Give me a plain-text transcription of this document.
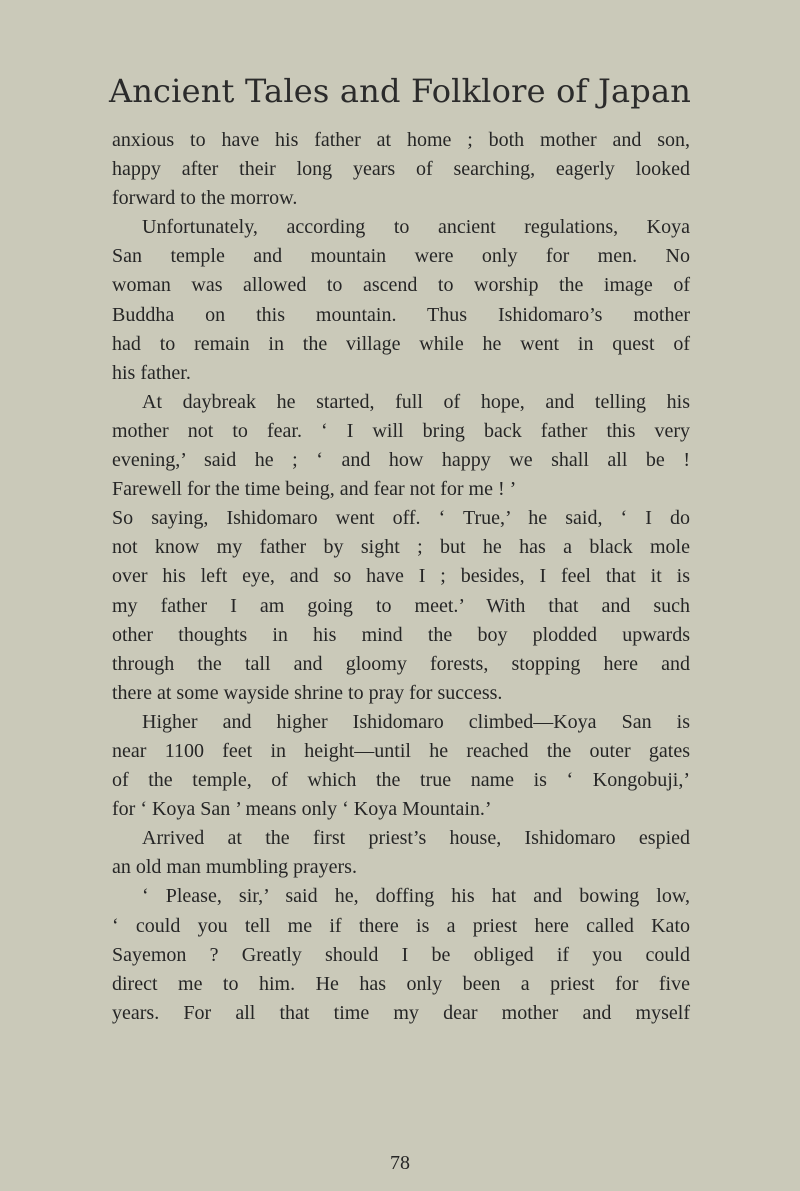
Ancient Tales and Folklore of Japan
anxious to have his father at home ; both mother and son,
happy after their long years of searching, eagerly looked
forward to the morrow.
Unfortunately, according to ancient regulations, Koya
San temple and mountain were only for men. No
woman was allowed to ascend to worship the image of
Buddha on this mountain. Thus Ishidomaro’s mother
had to remain in the village while he went in quest of
his father.
At daybreak he started, full of hope, and telling his
mother not to fear. ‘ I will bring back father this very
evening,’ said he ; ‘ and how happy we shall all be !
Farewell for the time being, and fear not for me ! ’
So saying, Ishidomaro went off. ‘ True,’ he said, ‘ I do
not know my father by sight ; but he has a black mole
over his left eye, and so have I ; besides, I feel that it is
my father I am going to meet.’ With that and such
other thoughts in his mind the boy plodded upwards
through the tall and gloomy forests, stopping here and
there at some wayside shrine to pray for success.
Higher and higher Ishidomaro climbed—Koya San is
near 1100 feet in height—until he reached the outer gates
of the temple, of which the true name is ‘ Kongobuji,’
for ‘ Koya San ’ means only ‘ Koya Mountain.’
Arrived at the first priest’s house, Ishidomaro espied
an old man mumbling prayers.
‘ Please, sir,’ said he, doffing his hat and bowing low,
‘ could you tell me if there is a priest here called Kato
Sayemon ? Greatly should I be obliged if you could
direct me to him. He has only been a priest for five
years. For all that time my dear mother and myself
78
